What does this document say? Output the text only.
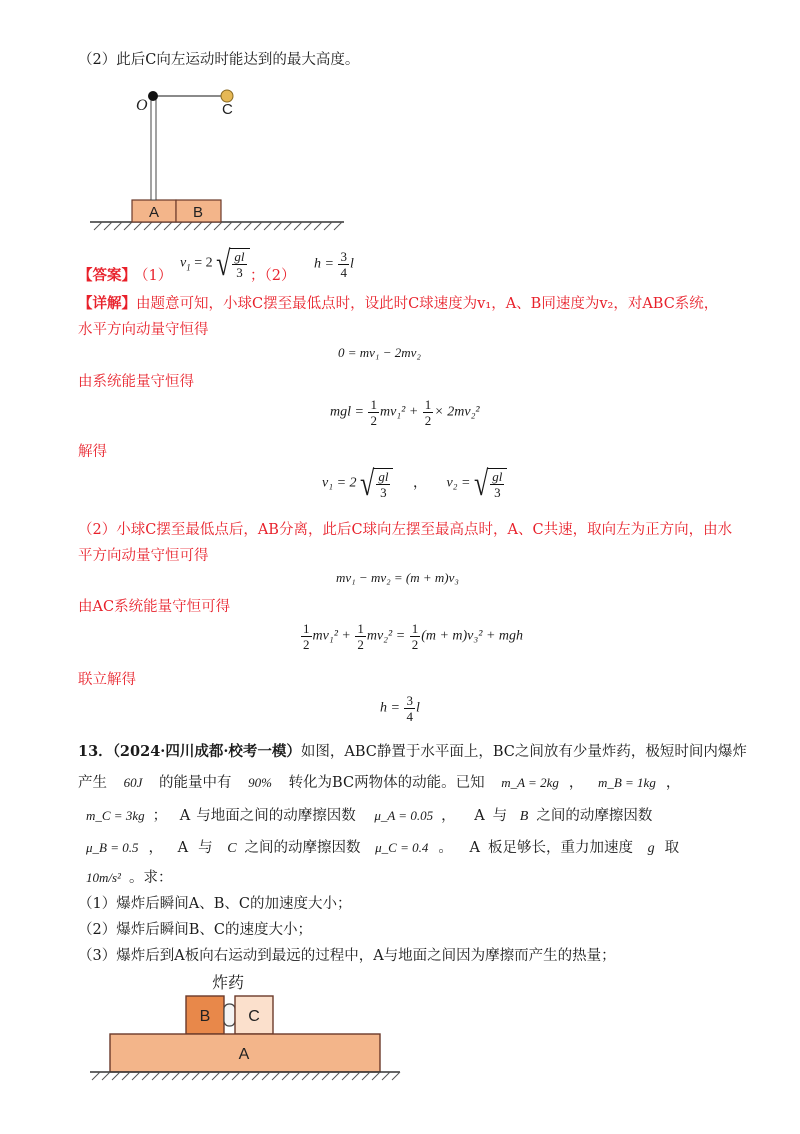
（2）此后C向左运动时能达到的最大高度。
A B
O	C
【答案】
（1）
$v_1 = 2$ √ $\frac{gl}{3}$ ；（2）
$h = \frac{3}{4}$ l
【详解】由题意可知，小球C摆至最低点时，设此时C球速度为v₁，A、B同速度为v₂，对ABC系统，
水平方向动量守恒得
0 = mv₁ − 2mv₂
由系统能量守恒得
mgl = $\frac{1}{2} mv_1^2 + \frac{1}{2} \times 2mv_2^2$
解得
v₁ = 2 √ $\frac{gl}{3}$ ， v₂ = √ $\frac{gl}{3}$
（2）小球C摆至最低点后，AB分离，此后C球向左摆至最高点时，A、C共速，取向左为正方向，由水
平方向动量守恒可得
mv₁ − mv₂ = (m + m)v₃
由AC系统能量守恒可得
$\frac{1}{2} mv_1^2 + \frac{1}{2} mv_2^2 = \frac{1}{2} (m + m)v_3^2$ + mgh
联立解得
$h = \frac{3}{4}$ l
13．（2024·四川成都·校考一模）如图，ABC静置于水平面上，BC之间放有少量炸药，极短时间内爆炸
产生 60J 的能量中有 90% 转化为BC两物体的动能。已知 m_A = 2kg ， m_B = 1kg ，
m_C = 3kg ； A 与地面之间的动摩擦因数 μ_A = 0.05 ， A 与 B 之间的动摩擦因数
μ_B = 0.5 ， A 与 C 之间的动摩擦因数 μ_C = 0.4 。 A 板足够长，重力加速度 g 取
10m/s² 。求：
（1）爆炸后瞬间A、B、C的加速度大小；
（2）爆炸后瞬间B、C的速度大小；
（3）爆炸后到A板向右运动到最远的过程中，A与地面之间因为摩擦而产生的热量；
炸药
B C
A
